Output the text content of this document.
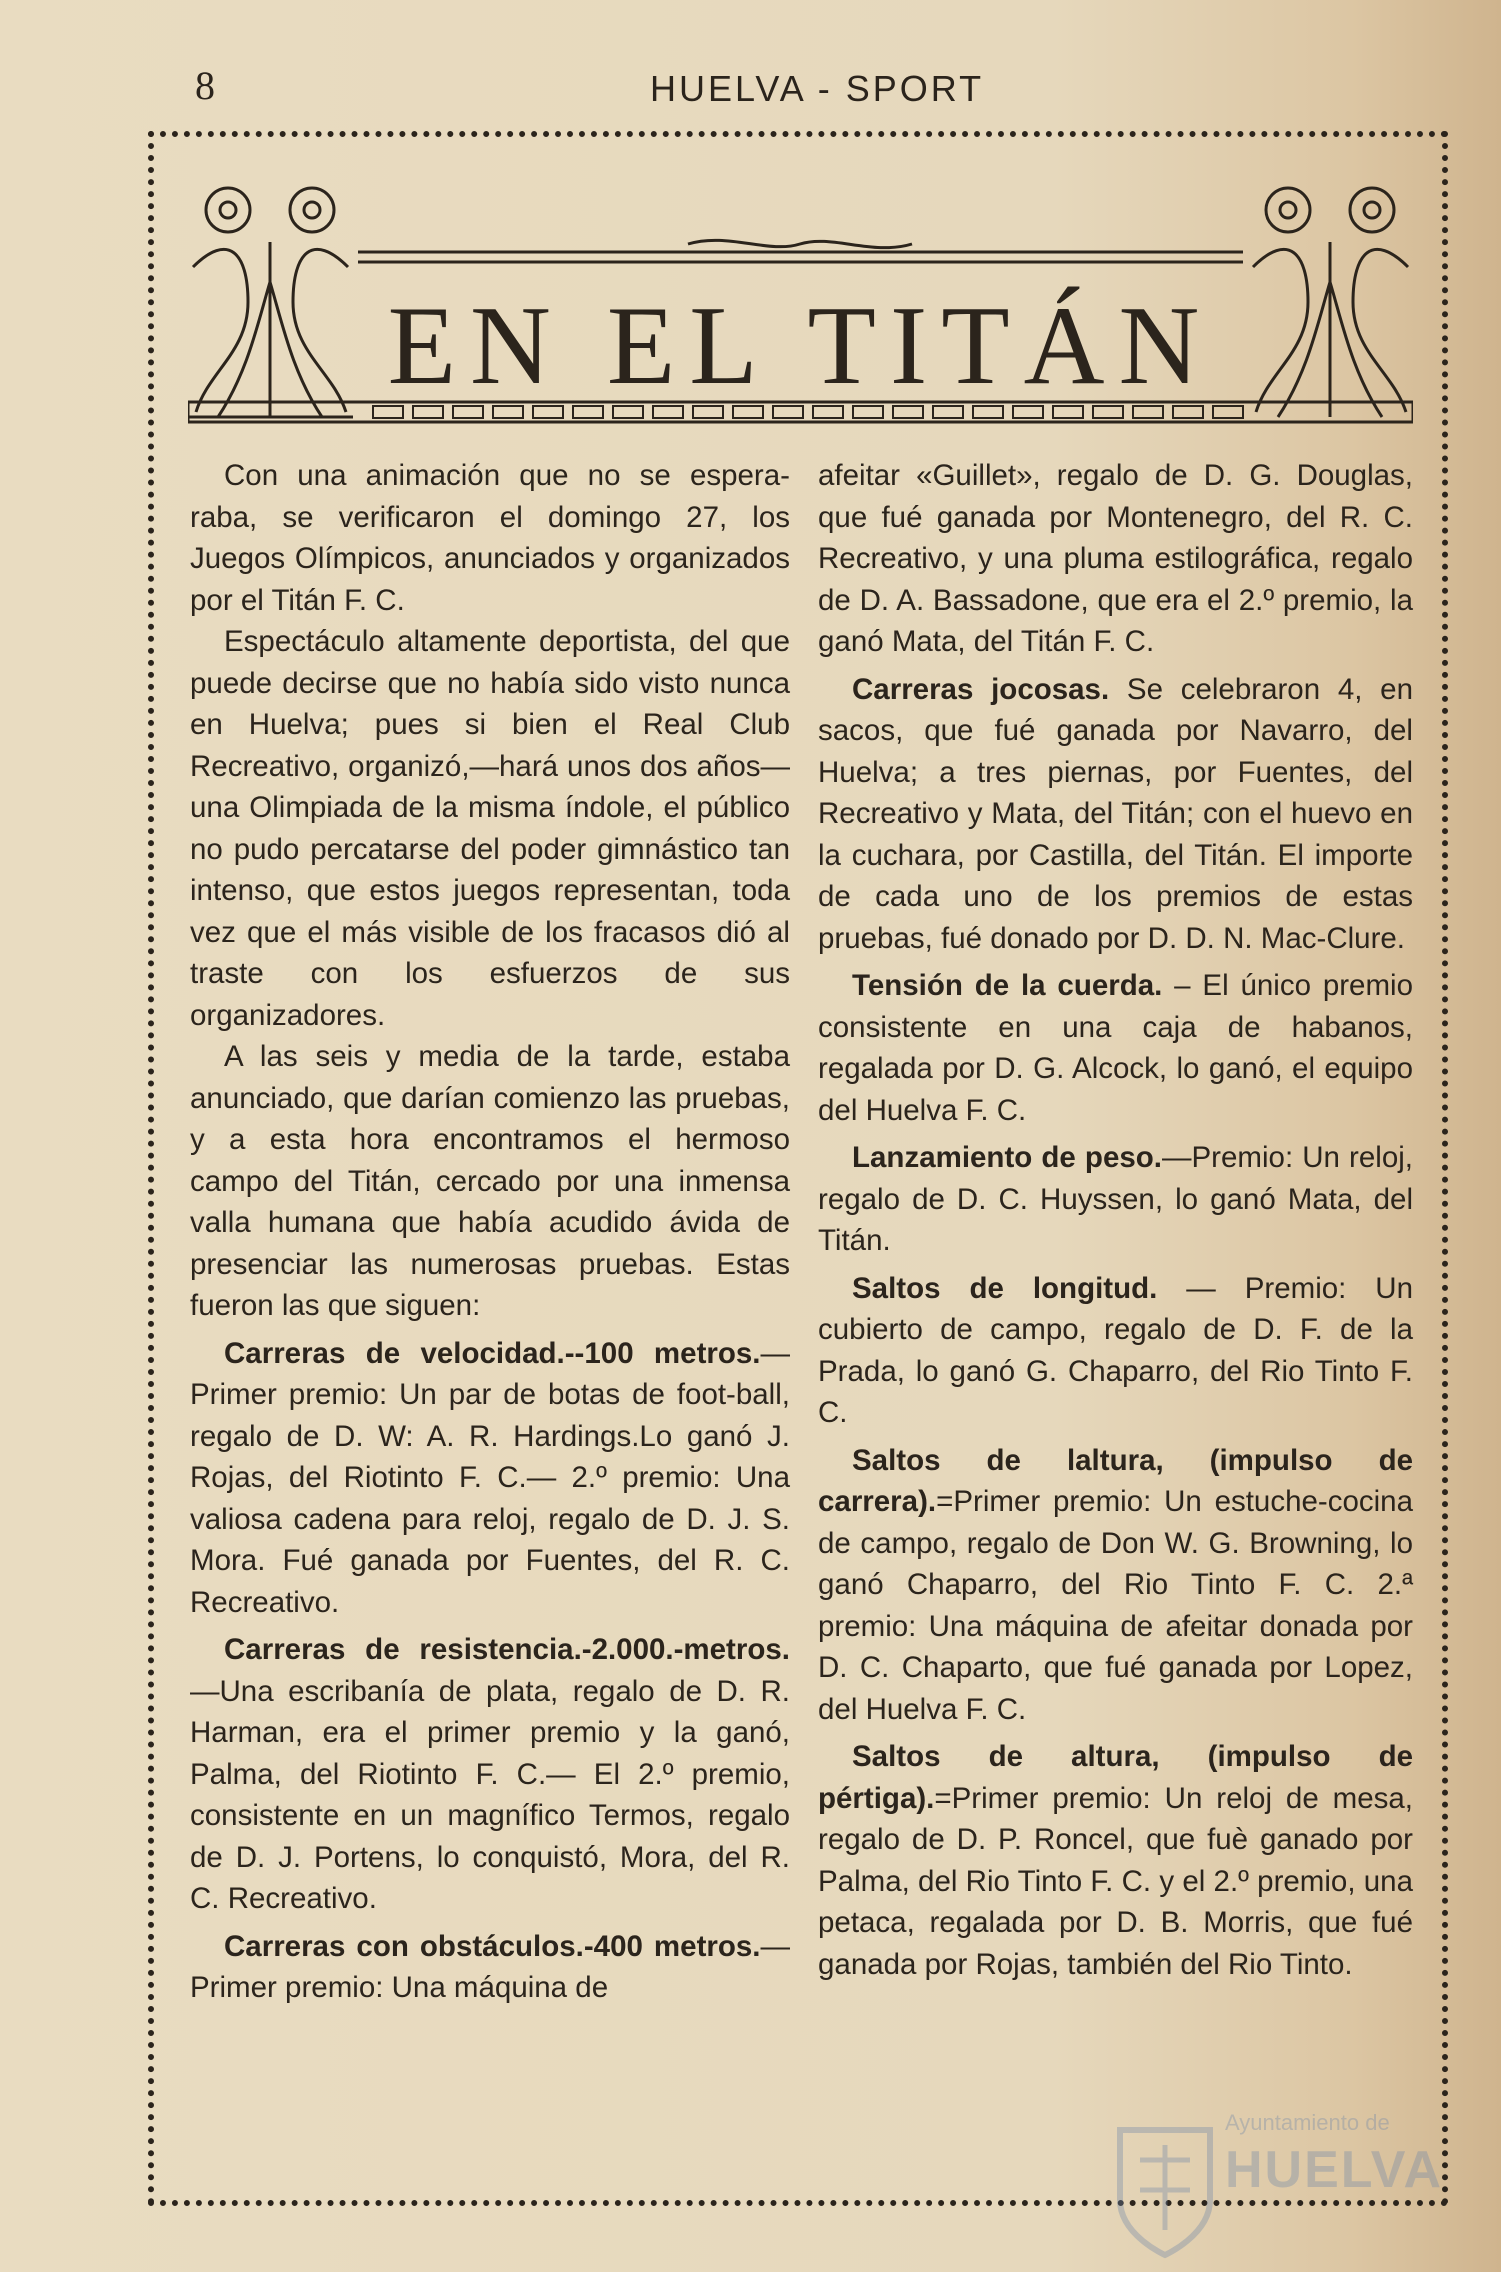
8	HUELVA - SPORT
EN EL TITÁN

Con una animación que no se espera-raba, se verificaron el domingo 27, los Juegos Olímpicos, anunciados y organizados por el Titán F. C.

Espectáculo altamente deportista, del que puede decirse que no había sido visto nunca en Huelva; pues si bien el Real Club Recreativo, organizó,—hará unos dos años—una Olimpiada de la misma índole, el público no pudo percatarse del poder gimnástico tan intenso, que estos juegos representan, toda vez que el más visible de los fracasos dió al traste con los esfuerzos de sus organizadores.

A las seis y media de la tarde, estaba anunciado, que darían comienzo las pruebas, y a esta hora encontramos el hermoso campo del Titán, cercado por una inmensa valla humana que había acudido ávida de presenciar las numerosas pruebas. Estas fueron las que siguen:

Carreras de velocidad.--100 metros.—Primer premio: Un par de botas de foot-ball, regalo de D. W: A. R. Hardings.Lo ganó J. Rojas, del Riotinto F. C.— 2.º premio: Una valiosa cadena para reloj, regalo de D. J. S. Mora. Fué ganada por Fuentes, del R. C. Recreativo.

Carreras de resistencia.-2.000.-metros.—Una escribanía de plata, regalo de D. R. Harman, era el primer premio y la ganó, Palma, del Riotinto F. C.— El 2.º premio, consistente en un magnífico Termos, regalo de D. J. Portens, lo conquistó, Mora, del R. C. Recreativo.

Carreras con obstáculos.-400 metros.— Primer premio: Una máquina de

afeitar «Guillet», regalo de D. G. Douglas, que fué ganada por Montenegro, del R. C. Recreativo, y una pluma estilográfica, regalo de D. A. Bassadone, que era el 2.º premio, la ganó Mata, del Titán F. C.

Carreras jocosas. Se celebraron 4, en sacos, que fué ganada por Navarro, del Huelva; a tres piernas, por Fuentes, del Recreativo y Mata, del Titán; con el huevo en la cuchara, por Castilla, del Titán. El importe de cada uno de los premios de estas pruebas, fué donado por D. D. N. Mac-Clure.

Tensión de la cuerda. – El único premio consistente en una caja de habanos, regalada por D. G. Alcock, lo ganó, el equipo del Huelva F. C.

Lanzamiento de peso.—Premio: Un reloj, regalo de D. C. Huyssen, lo ganó Mata, del Titán.

Saltos de longitud. — Premio: Un cubierto de campo, regalo de D. F. de la Prada, lo ganó G. Chaparro, del Rio Tinto F. C.

Saltos de laltura, (impulso de carrera).=Primer premio: Un estuche-cocina de campo, regalo de Don W. G. Browning, lo ganó Chaparro, del Rio Tinto F. C. 2.ª premio: Una máquina de afeitar donada por D. C. Chaparto, que fué ganada por Lopez, del Huelva F. C.

Saltos de altura, (impulso de pértiga).=Primer premio: Un reloj de mesa, regalo de D. P. Roncel, que fuè ganado por Palma, del Rio Tinto F. C. y el 2.º premio, una petaca, regalada por D. B. Morris, que fué ganada por Rojas, también del Rio Tinto.

Ayuntamiento de
HUELVA
